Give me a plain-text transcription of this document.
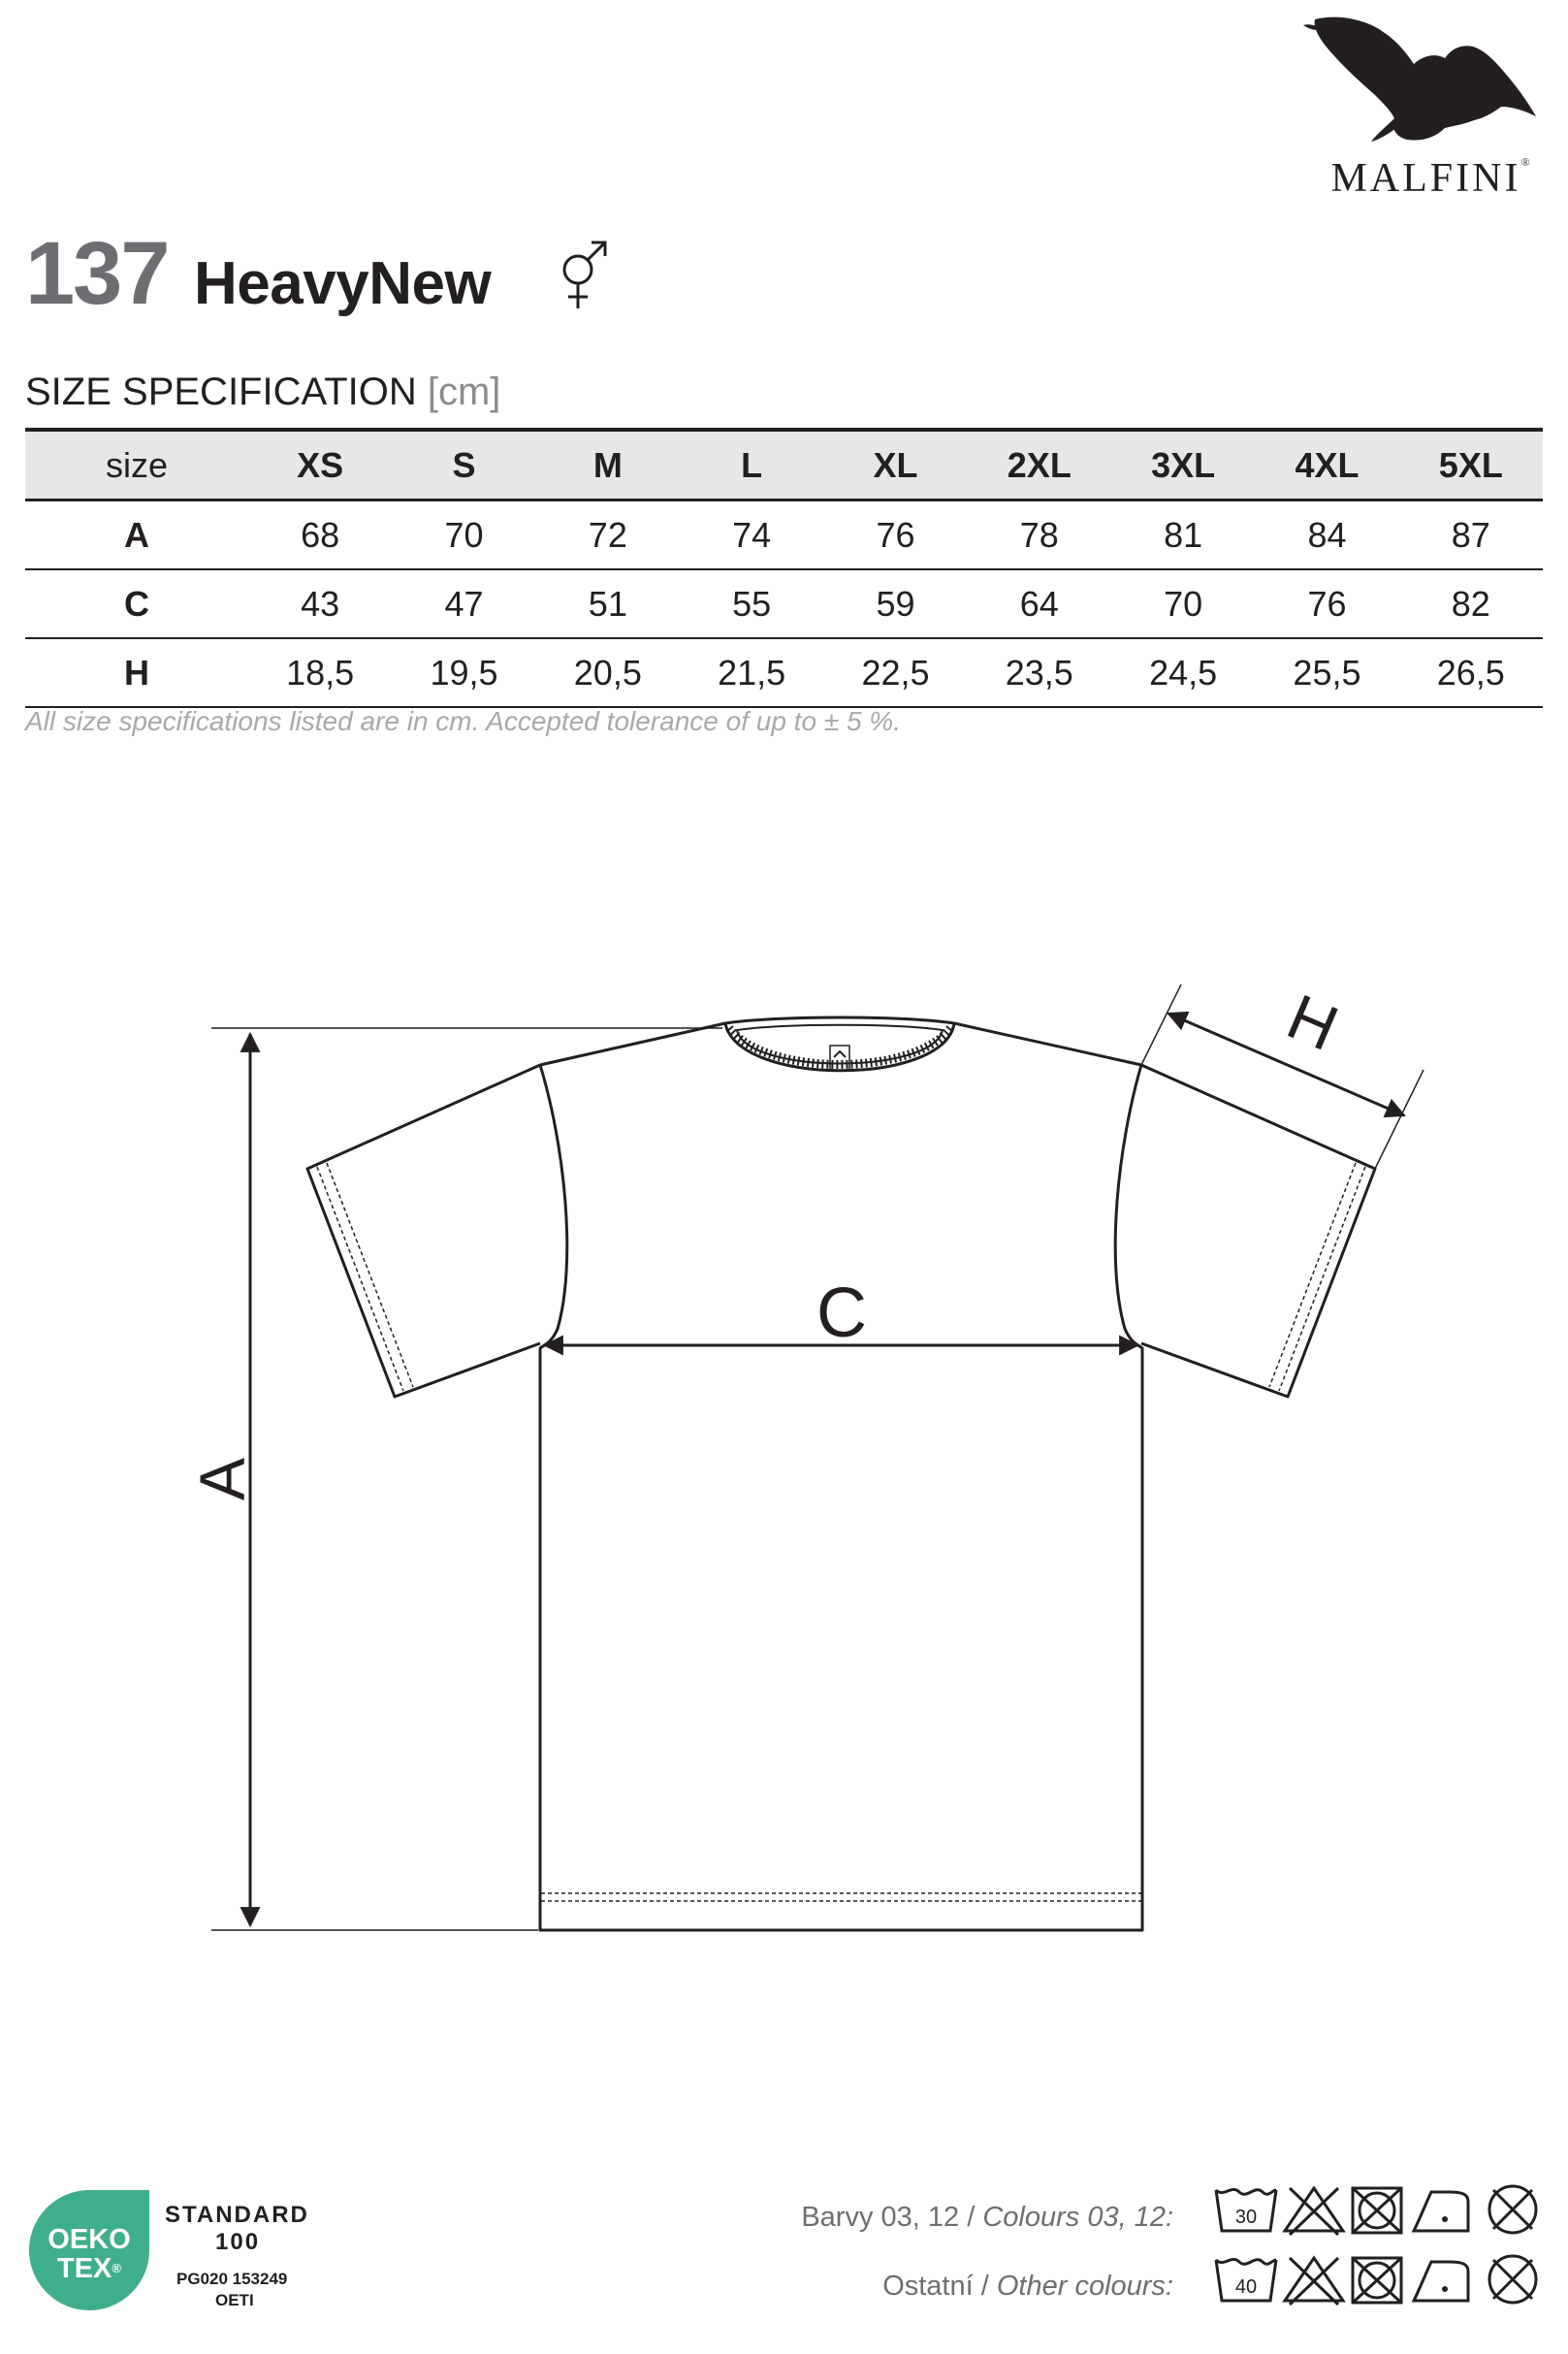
MALFINI®
137 HeavyNew
SIZE SPECIFICATION [cm]
size	XS	S	M	L	XL	2XL	3XL	4XL	5XL
A	68	70	72	74	76	78	81	84	87
C	43	47	51	55	59	64	70	76	82
H	18,5	19,5	20,5	21,5	22,5	23,5	24,5	25,5	26,5
All size specifications listed are in cm. Accepted tolerance of up to ± 5 %.
A
C
H
OEKO
TEX®
STANDARD
100
PG020 153249
OETI
Barvy 03, 12 / Colours 03, 12:
Ostatní / Other colours:
30
40
